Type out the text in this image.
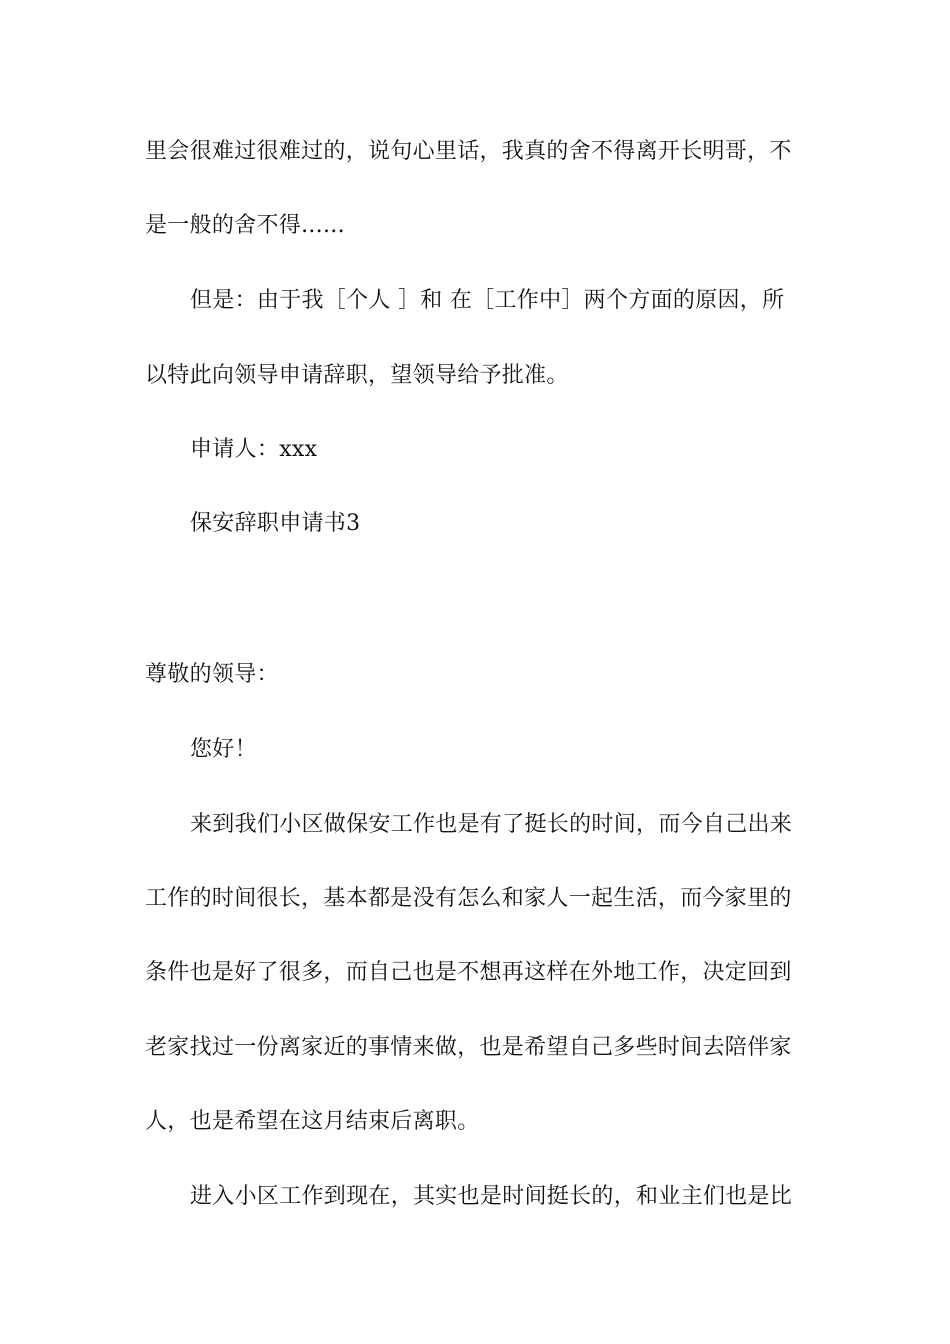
里会很难过很难过的，说句心里话，我真的舍不得离开长明哥，不
是一般的舍不得......
但是：由于我［个人 ］和 在［工作中］两个方面的原因，所
以特此向领导申请辞职，望领导给予批准。
申请人：xxx
保安辞职申请书3
尊敬的领导：
您好！
来到我们小区做保安工作也是有了挺长的时间，而今自己出来
工作的时间很长，基本都是没有怎么和家人一起生活，而今家里的
条件也是好了很多，而自己也是不想再这样在外地工作，决定回到
老家找过一份离家近的事情来做，也是希望自己多些时间去陪伴家
人，也是希望在这月结束后离职。
进入小区工作到现在，其实也是时间挺长的，和业主们也是比
